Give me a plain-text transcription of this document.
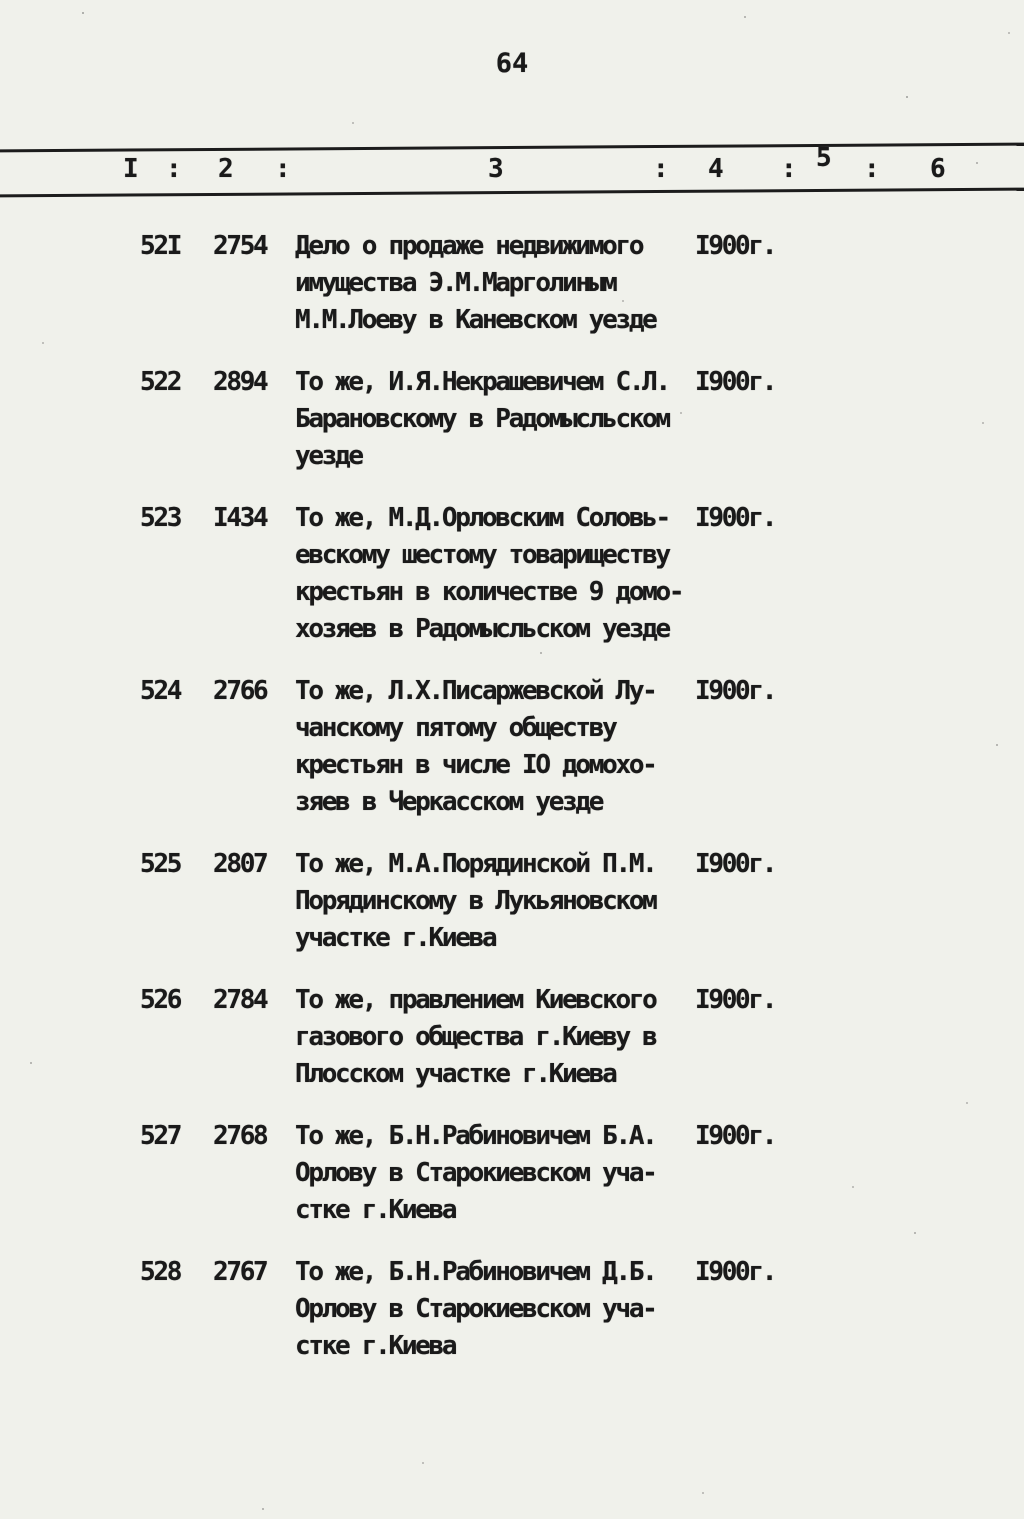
64
I : 2 :	3	: 4 : 5 : 6
52I	2754	Дело о продаже недвижимого
имущества Э.М.Марголиным
М.М.Лоеву в Каневском уезде
I900г.
522	2894	То же, И.Я.Некрашевичем С.Л.
Барановскому в Радомысльском
уезде
I900г.
523	I434	То же, М.Д.Орловским Соловь-
евскому шестому товариществу
крестьян в количестве 9 домо-
хозяев в Радомысльском уезде
I900г.
524	2766	То же, Л.Х.Писаржевской Лу-
чанскому пятому обществу
крестьян в числе IO домохо-
зяев в Черкасском уезде
I900г.
525	2807	То же, М.А.Порядинской П.М.
Порядинскому в Лукьяновском
участке г.Киева
I900г.
526	2784	То же, правлением Киевского
газового общества г.Киеву в
Плосском участке г.Киева
I900г.
527	2768	То же, Б.Н.Рабиновичем Б.А.
Орлову в Старокиевском уча-
стке г.Киева
I900г.
528	2767	То же, Б.Н.Рабиновичем Д.Б.
Орлову в Старокиевском уча-
стке г.Киева
I900г.
